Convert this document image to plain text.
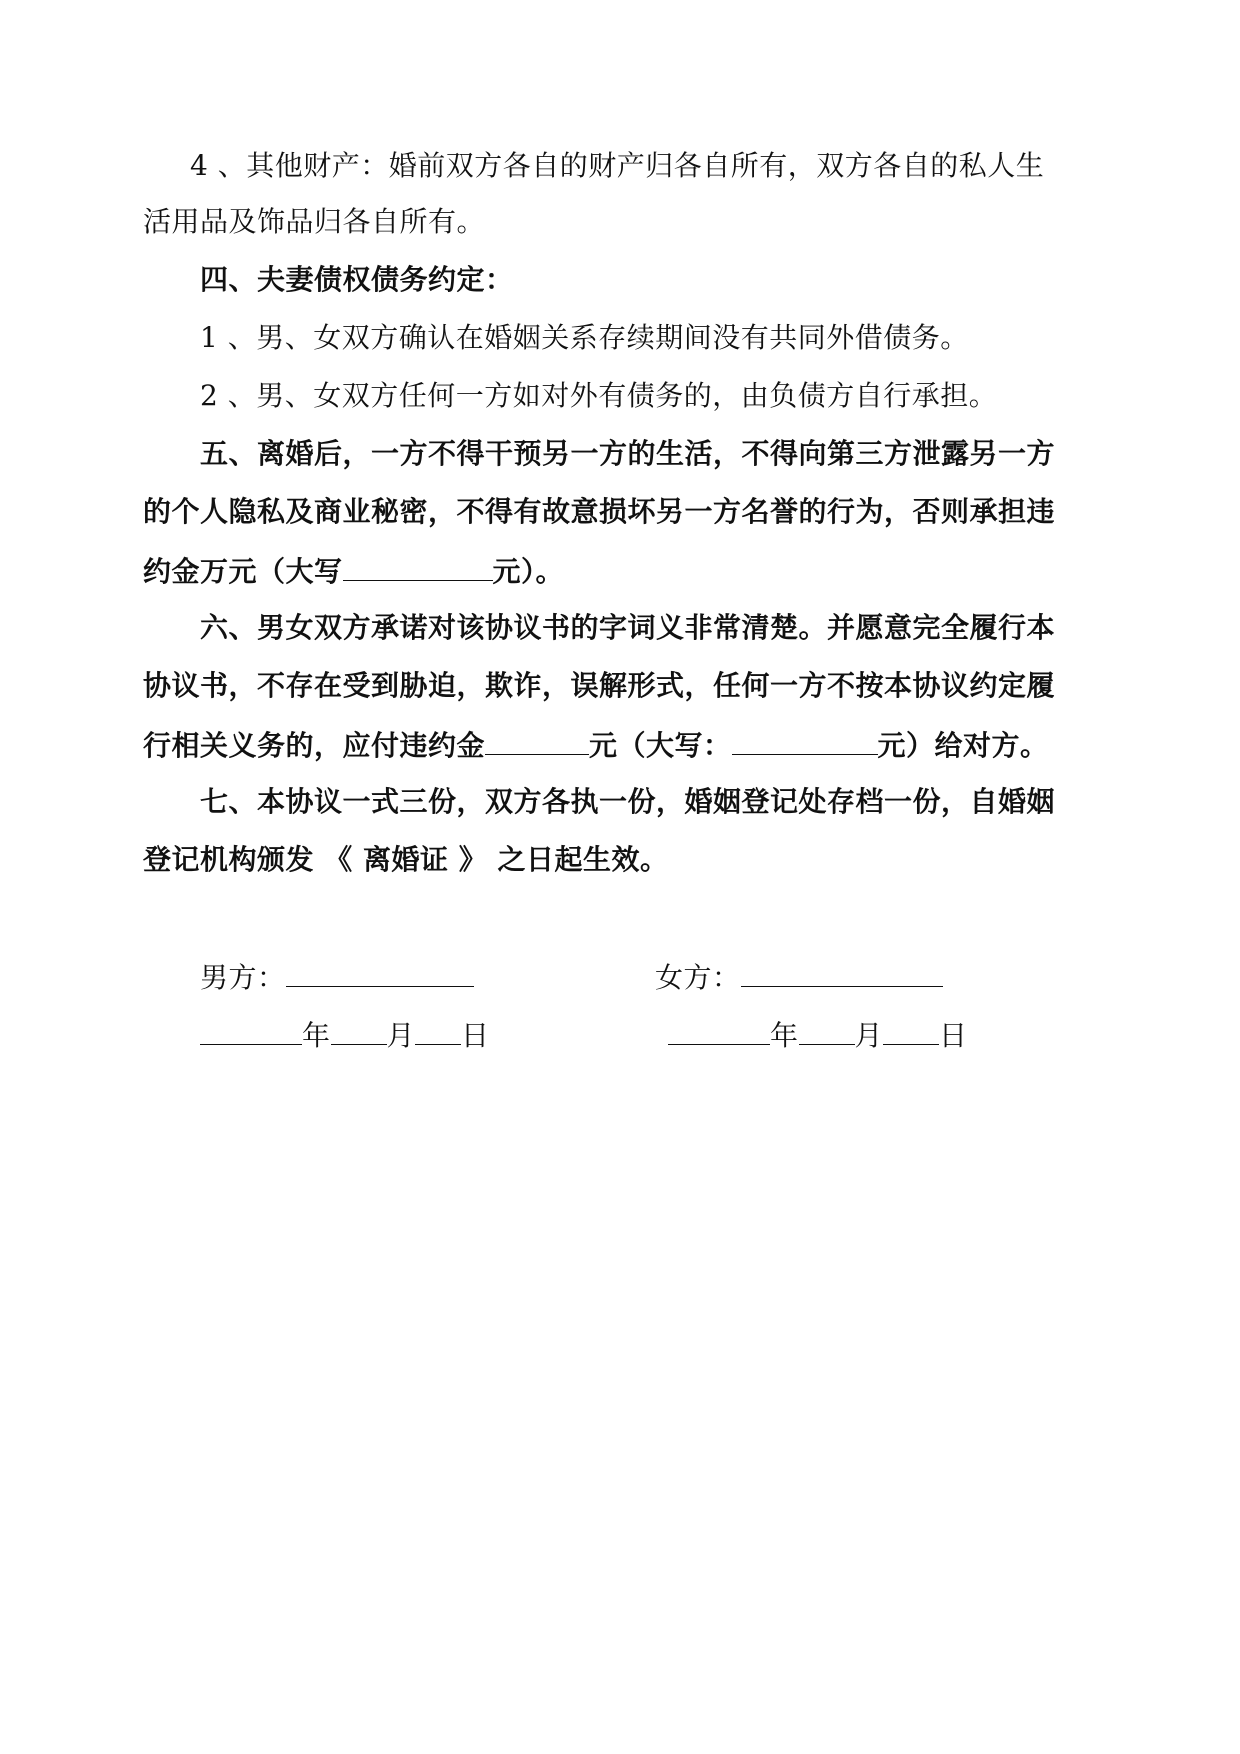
4 、其他财产：婚前双方各自的财产归各自所有，双方各自的私人生
活用品及饰品归各自所有。
四、夫妻债权债务约定：
1 、男、女双方确认在婚姻关系存续期间没有共同外借债务。
2 、男、女双方任何一方如对外有债务的，由负债方自行承担。
五、离婚后，一方不得干预另一方的生活，不得向第三方泄露另一方
的个人隐私及商业秘密，不得有故意损坏另一方名誉的行为，否则承担违
约金万元（大写	元）。
六、男女双方承诺对该协议书的字词义非常清楚。并愿意完全履行本
协议书，不存在受到胁迫，欺诈，误解形式，任何一方不按本协议约定履
行相关义务的，应付违约金	元（大写：	元）给对方。
七、本协议一式三份，双方各执一份，婚姻登记处存档一份，自婚姻
登记机构颁发 《 离婚证 》 之日起生效。
男方：	女方：
年 月 日	年 月 日
